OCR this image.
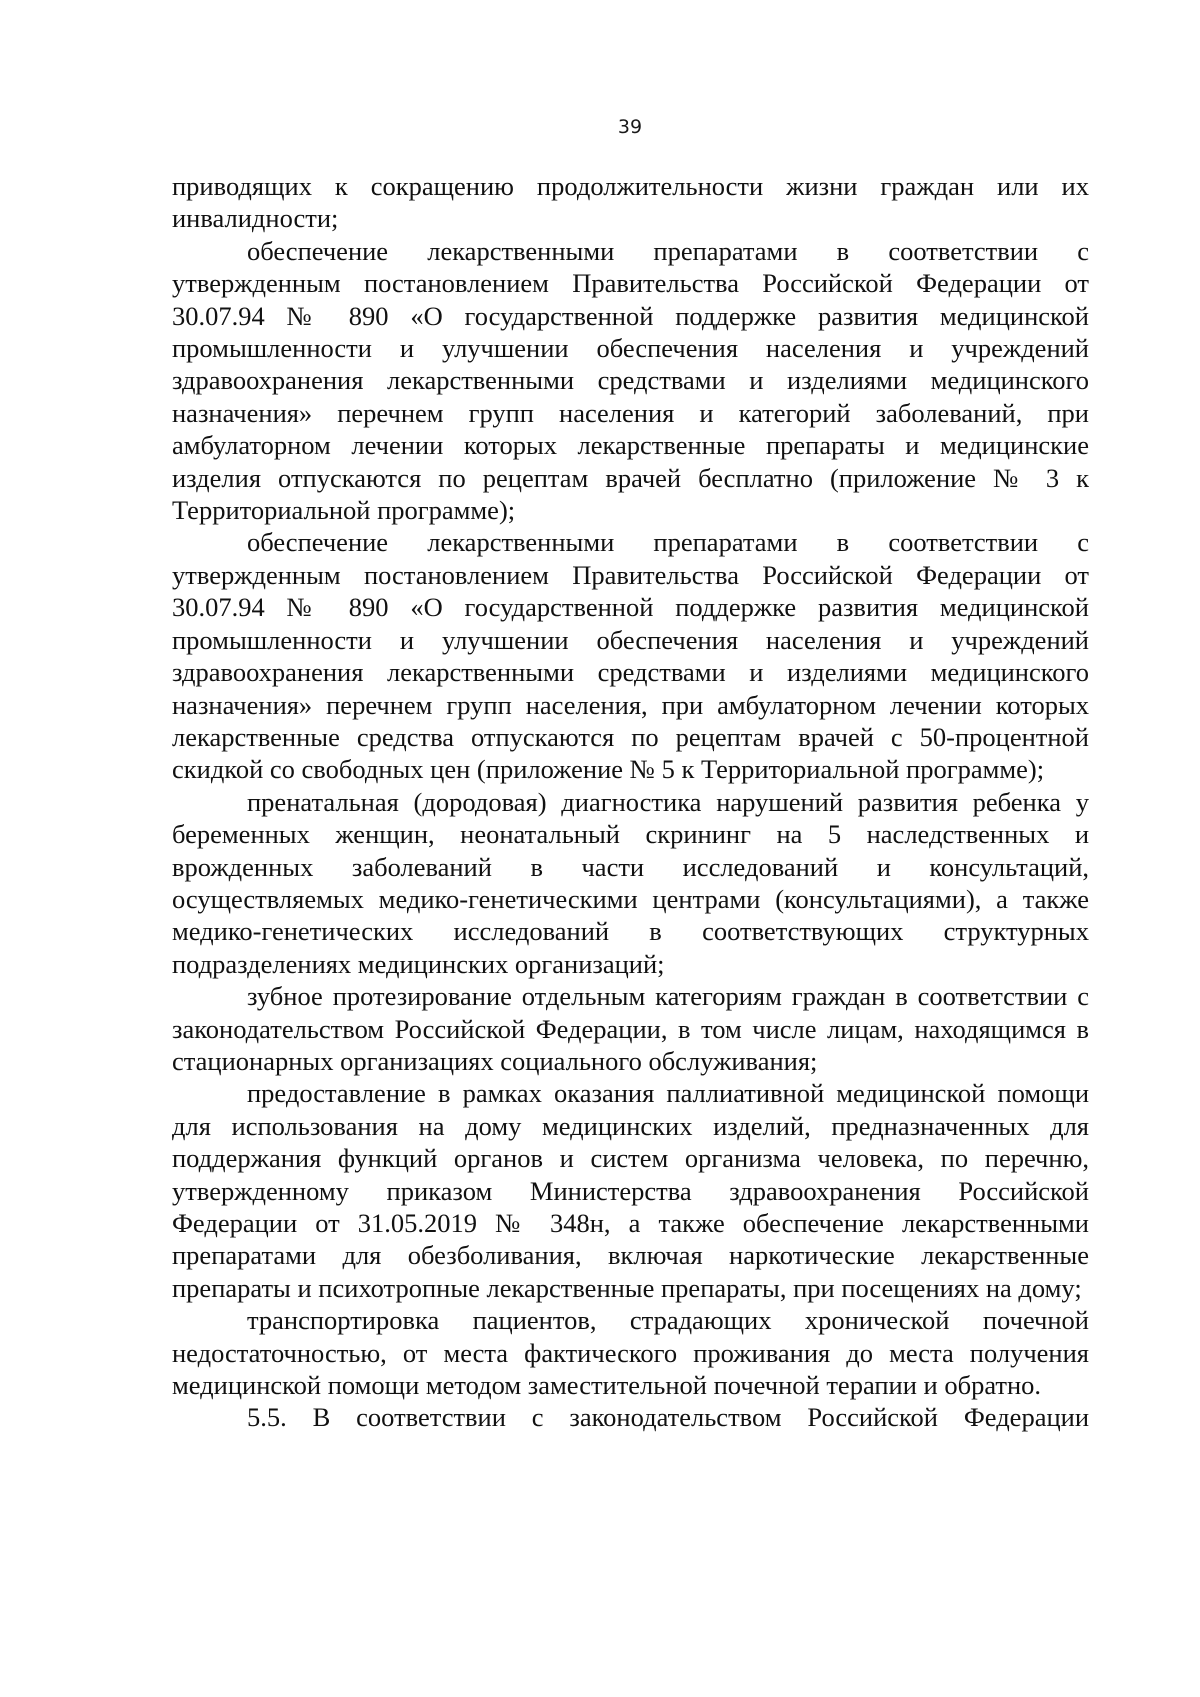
39

приводящих к сокращению продолжительности жизни граждан или их инвалидности;

обеспечение лекарственными препаратами в соответствии с утвержденным постановлением Правительства Российской Федерации от 30.07.94 № 890 «О государственной поддержке развития медицинской промышленности и улучшении обеспечения населения и учреждений здравоохранения лекарственными средствами и изделиями медицинского назначения» перечнем групп населения и категорий заболеваний, при амбулаторном лечении которых лекарственные препараты и медицинские изделия отпускаются по рецептам врачей бесплатно (приложение № 3 к Территориальной программе);

обеспечение лекарственными препаратами в соответствии с утвержденным постановлением Правительства Российской Федерации от 30.07.94 № 890 «О государственной поддержке развития медицинской промышленности и улучшении обеспечения населения и учреждений здравоохранения лекарственными средствами и изделиями медицинского назначения» перечнем групп населения, при амбулаторном лечении которых лекарственные средства отпускаются по рецептам врачей с 50-процентной скидкой со свободных цен (приложение № 5 к Территориальной программе);

пренатальная (дородовая) диагностика нарушений развития ребенка у беременных женщин, неонатальный скрининг на 5 наследственных и врожденных заболеваний в части исследований и консультаций, осуществляемых медико-генетическими центрами (консультациями), а также медико-генетических исследований в соответствующих структурных подразделениях медицинских организаций;

зубное протезирование отдельным категориям граждан в соответствии с законодательством Российской Федерации, в том числе лицам, находящимся в стационарных организациях социального обслуживания;

предоставление в рамках оказания паллиативной медицинской помощи для использования на дому медицинских изделий, предназначенных для поддержания функций органов и систем организма человека, по перечню, утвержденному приказом Министерства здравоохранения Российской Федерации от 31.05.2019 № 348н, а также обеспечение лекарственными препаратами для обезболивания, включая наркотические лекарственные препараты и психотропные лекарственные препараты, при посещениях на дому;

транспортировка пациентов, страдающих хронической почечной недостаточностью, от места фактического проживания до места получения медицинской помощи методом заместительной почечной терапии и обратно.

5.5. В соответствии с законодательством Российской Федерации
